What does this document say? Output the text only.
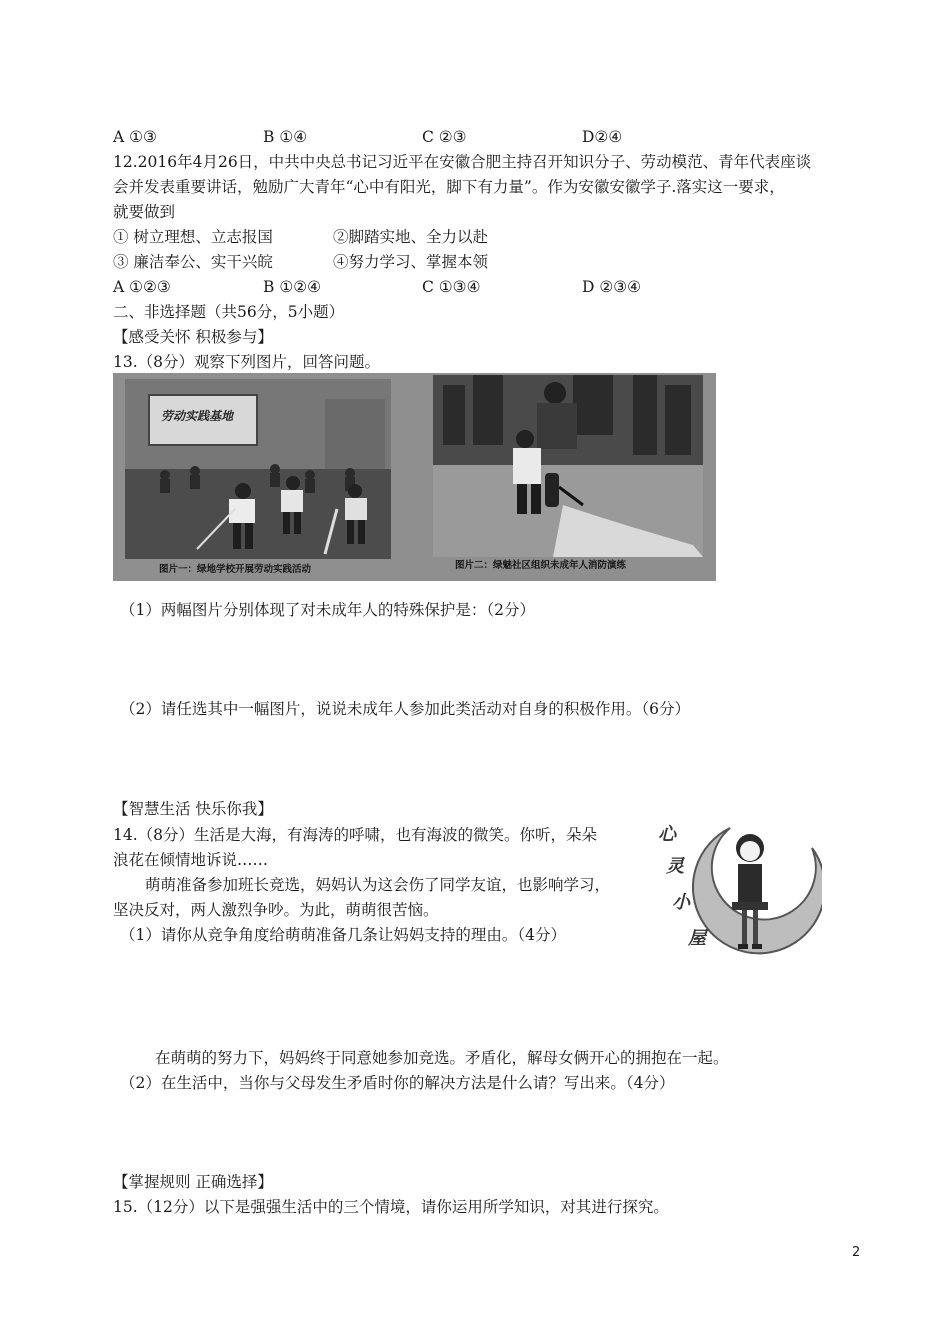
A ①③	B ①④	C ②③	D②④
12.2016年4月26日，中共中央总书记习近平在安徽合肥主持召开知识分子、劳动模范、青年代表座谈
会并发表重要讲话，勉励广大青年“心中有阳光，脚下有力量”。作为安徽安徽学子.落实这一要求，
就要做到
① 树立理想、立志报国	②脚踏实地、全力以赴
③ 廉洁奉公、实干兴皖	④努力学习、掌握本领
A ①②③	B ①②④	C ①③④	D ②③④
二、非选择题（共56分，5小题）
【感受关怀 积极参与】
13.（8分）观察下列图片，回答问题。
劳动实践基地
图片一：绿地学校开展劳动实践活动	图片二：绿魅社区组织未成年人消防演练
（1）两幅图片分别体现了对未成年人的特殊保护是：（2分）
（2）请任选其中一幅图片，说说未成年人参加此类活动对自身的积极作用。（6分）
【智慧生活 快乐你我】
14.（8分）生活是大海，有海涛的呼啸，也有海波的微笑。你听，朵朵
浪花在倾情地诉说……
萌萌准备参加班长竞选，妈妈认为这会伤了同学友谊，也影响学习，
坚决反对，两人激烈争吵。为此，萌萌很苦恼。
（1）请你从竞争角度给萌萌准备几条让妈妈支持的理由。（4分）
心
灵
小
屋
在萌萌的努力下，妈妈终于同意她参加竞选。矛盾化，解母女俩开心的拥抱在一起。
（2）在生活中，当你与父母发生矛盾时你的解决方法是什么请？写出来。（4分）
【掌握规则 正确选择】
15.（12分）以下是强强生活中的三个情境，请你运用所学知识，对其进行探究。
2
